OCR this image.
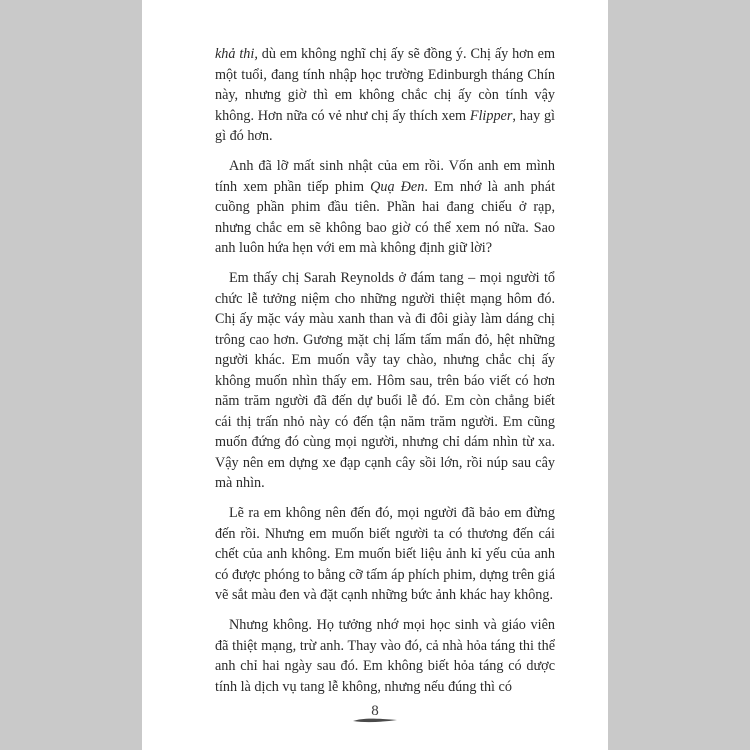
khả thi, dù em không nghĩ chị ấy sẽ đồng ý. Chị ấy hơn em một tuổi, đang tính nhập học trường Edinburgh tháng Chín này, nhưng giờ thì em không chắc chị ấy còn tính vậy không. Hơn nữa có vẻ như chị ấy thích xem Flipper, hay gì gì đó hơn.

Anh đã lỡ mất sinh nhật của em rồi. Vốn anh em mình tính xem phần tiếp phim Quạ Đen. Em nhớ là anh phát cuồng phần phim đầu tiên. Phần hai đang chiếu ở rạp, nhưng chắc em sẽ không bao giờ có thể xem nó nữa. Sao anh luôn hứa hẹn với em mà không định giữ lời?

Em thấy chị Sarah Reynolds ở đám tang – mọi người tổ chức lễ tưởng niệm cho những người thiệt mạng hôm đó. Chị ấy mặc váy màu xanh than và đi đôi giày làm dáng chị trông cao hơn. Gương mặt chị lấm tấm mẩn đỏ, hệt những người khác. Em muốn vẫy tay chào, nhưng chắc chị ấy không muốn nhìn thấy em. Hôm sau, trên báo viết có hơn năm trăm người đã đến dự buổi lễ đó. Em còn chẳng biết cái thị trấn nhỏ này có đến tận năm trăm người. Em cũng muốn đứng đó cùng mọi người, nhưng chỉ dám nhìn từ xa. Vậy nên em dựng xe đạp cạnh cây sồi lớn, rồi núp sau cây mà nhìn.

Lẽ ra em không nên đến đó, mọi người đã bảo em đừng đến rồi. Nhưng em muốn biết người ta có thương đến cái chết của anh không. Em muốn biết liệu ảnh kỉ yếu của anh có được phóng to bằng cỡ tấm áp phích phim, dựng trên giá vẽ sắt màu đen và đặt cạnh những bức ảnh khác hay không.

Nhưng không. Họ tưởng nhớ mọi học sinh và giáo viên đã thiệt mạng, trừ anh. Thay vào đó, cả nhà hỏa táng thi thể anh chỉ hai ngày sau đó. Em không biết hỏa táng có dược tính là dịch vụ tang lễ không, nhưng nếu đúng thì có

8
